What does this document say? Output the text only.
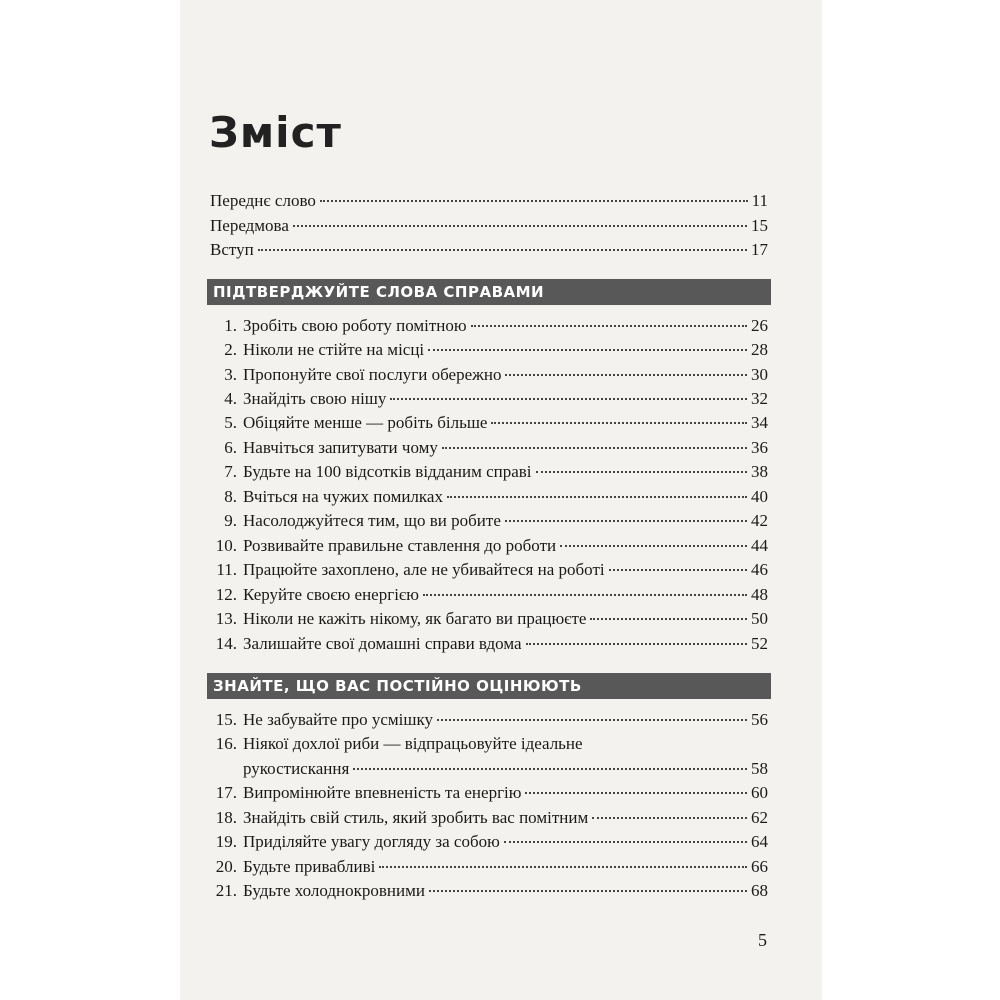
Зміст
Переднє слово	11
Передмова	15
Вступ	17
ПІДТВЕРДЖУЙТЕ СЛОВА СПРАВАМИ
1. Зробіть свою роботу помітною	26
2. Ніколи не стійте на місці	28
3. Пропонуйте свої послуги обережно	30
4. Знайдіть свою нішу	32
5. Обіцяйте менше — робіть більше	34
6. Навчіться запитувати чому	36
7. Будьте на 100 відсотків відданим справі	38
8. Вчіться на чужих помилках	40
9. Насолоджуйтеся тим, що ви робите	42
10. Розвивайте правильне ставлення до роботи	44
11. Працюйте захоплено, але не убивайтеся на роботі	46
12. Керуйте своєю енергією	48
13. Ніколи не кажіть нікому, як багато ви працюєте	50
14. Залишайте свої домашні справи вдома	52
ЗНАЙТЕ, ЩО ВАС ПОСТІЙНО ОЦІНЮЮТЬ
15. Не забувайте про усмішку	56
16. Ніякої дохлої риби — відпрацьовуйте ідеальне
рукостискання	58
17. Випромінюйте впевненість та енергію	60
18. Знайдіть свій стиль, який зробить вас помітним	62
19. Приділяйте увагу догляду за собою	64
20. Будьте привабливі	66
21. Будьте холоднокровними	68
5
